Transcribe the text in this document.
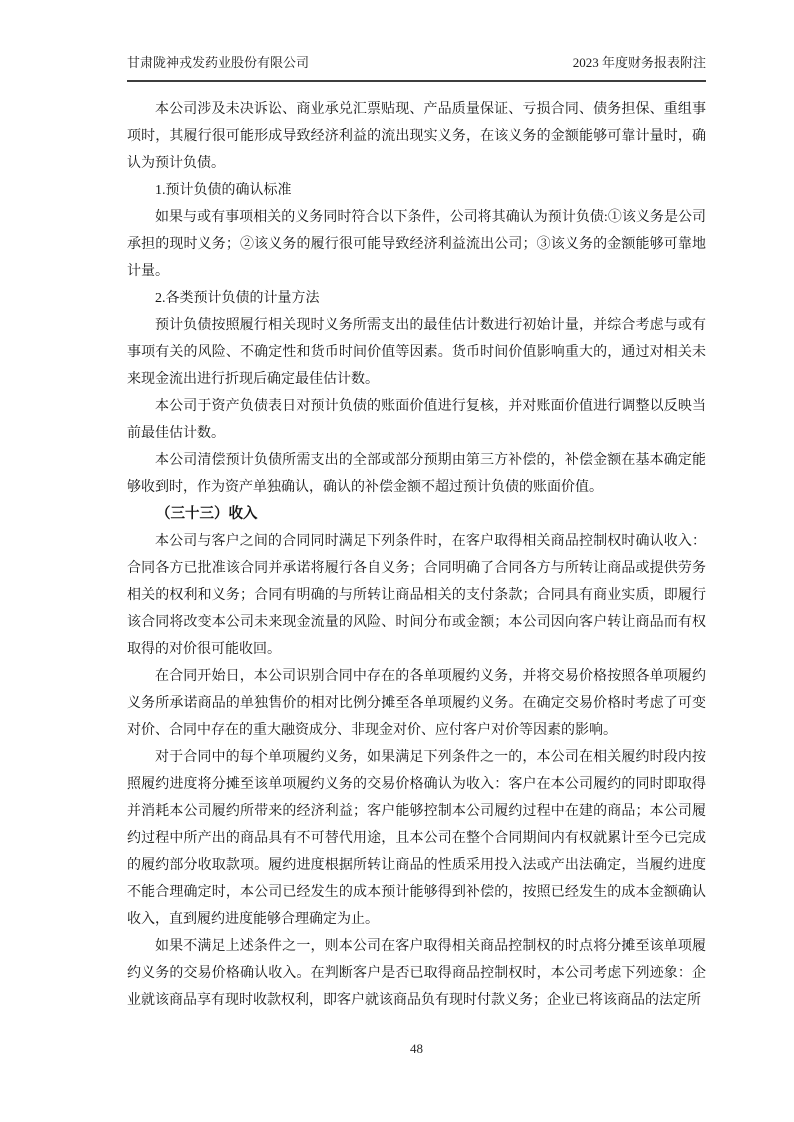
甘肃陇神戎发药业股份有限公司	2023 年度财务报表附注

本公司涉及未决诉讼、商业承兑汇票贴现、产品质量保证、亏损合同、债务担保、重组事项时，其履行很可能形成导致经济利益的流出现实义务，在该义务的金额能够可靠计量时，确认为预计负债。

1.预计负债的确认标准

如果与或有事项相关的义务同时符合以下条件，公司将其确认为预计负债:①该义务是公司承担的现时义务；②该义务的履行很可能导致经济利益流出公司；③该义务的金额能够可靠地计量。

2.各类预计负债的计量方法

预计负债按照履行相关现时义务所需支出的最佳估计数进行初始计量，并综合考虑与或有事项有关的风险、不确定性和货币时间价值等因素。货币时间价值影响重大的，通过对相关未来现金流出进行折现后确定最佳估计数。

本公司于资产负债表日对预计负债的账面价值进行复核，并对账面价值进行调整以反映当前最佳估计数。

本公司清偿预计负债所需支出的全部或部分预期由第三方补偿的，补偿金额在基本确定能够收到时，作为资产单独确认，确认的补偿金额不超过预计负债的账面价值。

（三十三）收入

本公司与客户之间的合同同时满足下列条件时，在客户取得相关商品控制权时确认收入：合同各方已批准该合同并承诺将履行各自义务；合同明确了合同各方与所转让商品或提供劳务相关的权利和义务；合同有明确的与所转让商品相关的支付条款；合同具有商业实质，即履行该合同将改变本公司未来现金流量的风险、时间分布或金额；本公司因向客户转让商品而有权取得的对价很可能收回。

在合同开始日，本公司识别合同中存在的各单项履约义务，并将交易价格按照各单项履约义务所承诺商品的单独售价的相对比例分摊至各单项履约义务。在确定交易价格时考虑了可变对价、合同中存在的重大融资成分、非现金对价、应付客户对价等因素的影响。

对于合同中的每个单项履约义务，如果满足下列条件之一的，本公司在相关履约时段内按照履约进度将分摊至该单项履约义务的交易价格确认为收入：客户在本公司履约的同时即取得并消耗本公司履约所带来的经济利益；客户能够控制本公司履约过程中在建的商品；本公司履约过程中所产出的商品具有不可替代用途，且本公司在整个合同期间内有权就累计至今已完成的履约部分收取款项。履约进度根据所转让商品的性质采用投入法或产出法确定，当履约进度不能合理确定时，本公司已经发生的成本预计能够得到补偿的，按照已经发生的成本金额确认收入，直到履约进度能够合理确定为止。

如果不满足上述条件之一，则本公司在客户取得相关商品控制权的时点将分摊至该单项履约义务的交易价格确认收入。在判断客户是否已取得商品控制权时，本公司考虑下列迹象：企业就该商品享有现时收款权利，即客户就该商品负有现时付款义务；企业已将该商品的法定所

48
